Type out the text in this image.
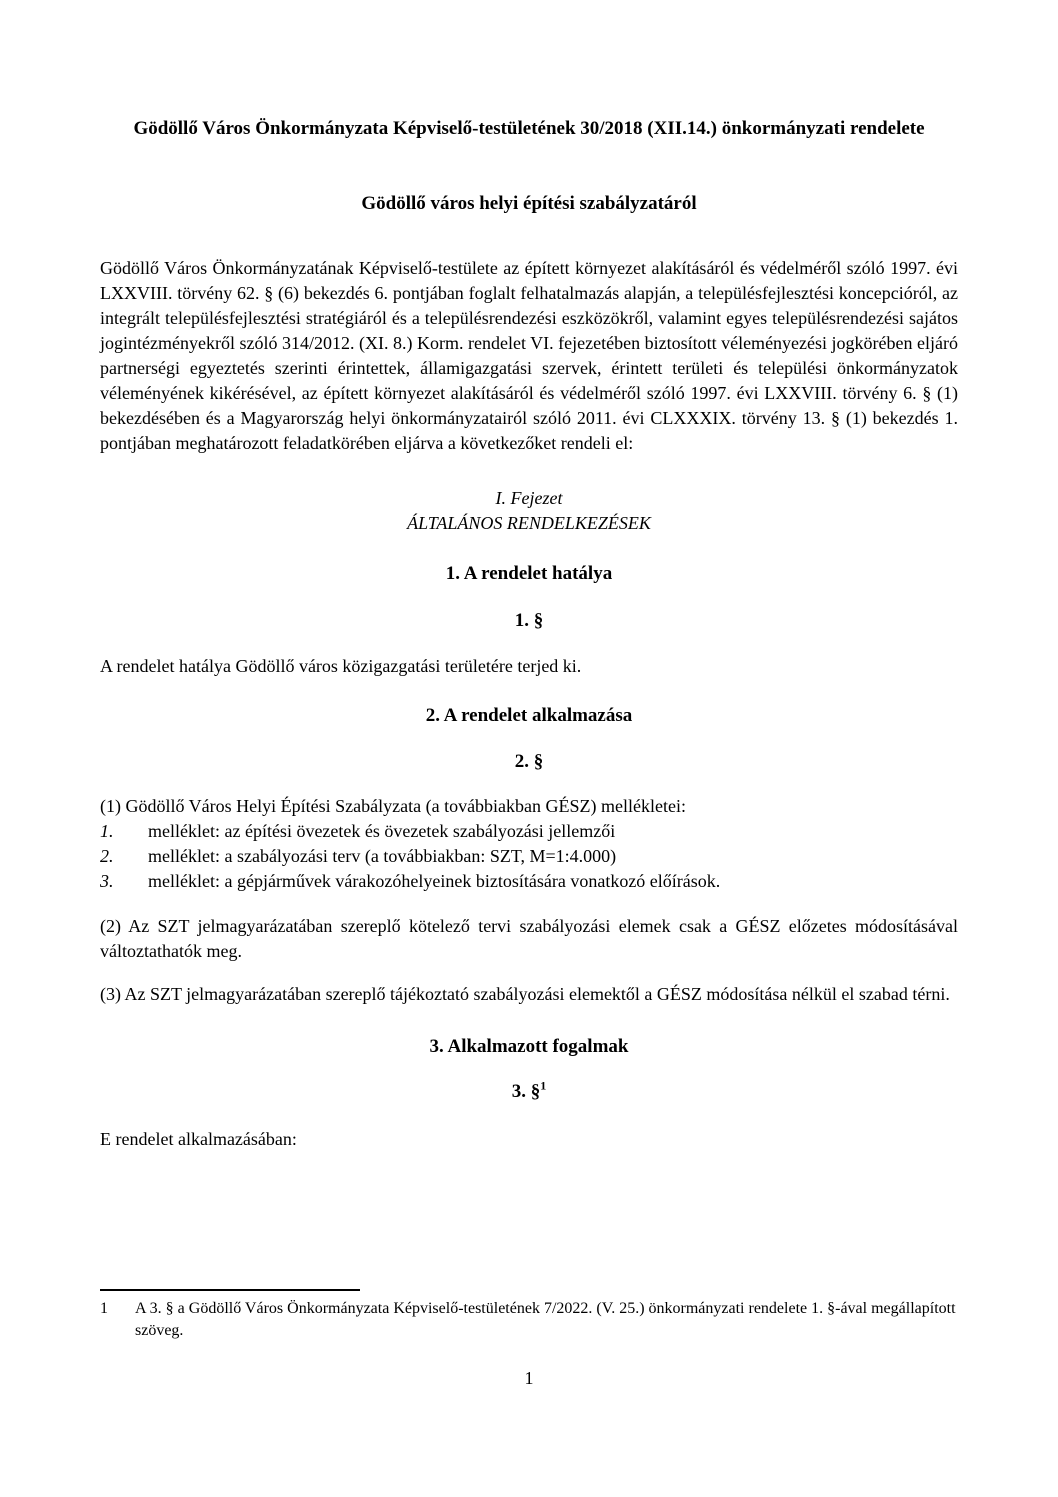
Gödöllő Város Önkormányzata Képviselő-testületének 30/2018 (XII.14.) önkormányzati rendelete
Gödöllő város helyi építési szabályzatáról
Gödöllő Város Önkormányzatának Képviselő-testülete az épített környezet alakításáról és védelméről szóló 1997. évi LXXVIII. törvény 62. § (6) bekezdés 6. pontjában foglalt felhatalmazás alapján, a településfejlesztési koncepcióról, az integrált településfejlesztési stratégiáról és a településrendezési eszközökről, valamint egyes településrendezési sajátos jogintézményekről szóló 314/2012. (XI. 8.) Korm. rendelet VI. fejezetében biztosított véleményezési jogkörében eljáró partnerségi egyeztetés szerinti érintettek, államigazgatási szervek, érintett területi és települési önkormányzatok véleményének kikérésével, az épített környezet alakításáról és védelméről szóló 1997. évi LXXVIII. törvény 6. § (1) bekezdésében és a Magyarország helyi önkormányzatairól szóló 2011. évi CLXXXIX. törvény 13. § (1) bekezdés 1. pontjában meghatározott feladatkörében eljárva a következőket rendeli el:
I. Fejezet
ÁLTALÁNOS RENDELKEZÉSEK
1. A rendelet hatálya
1. §
A rendelet hatálya Gödöllő város közigazgatási területére terjed ki.
2. A rendelet alkalmazása
2. §
(1) Gödöllő Város Helyi Építési Szabályzata (a továbbiakban GÉSZ) mellékletei:
1.	melléklet: az építési övezetek és övezetek szabályozási jellemzői
2.	melléklet: a szabályozási terv (a továbbiakban: SZT, M=1:4.000)
3.	melléklet: a gépjárművek várakozóhelyeinek biztosítására vonatkozó előírások.
(2) Az SZT jelmagyarázatában szereplő kötelező tervi szabályozási elemek csak a GÉSZ előzetes módosításával változtathatók meg.
(3) Az SZT jelmagyarázatában szereplő tájékoztató szabályozási elemektől a GÉSZ módosítása nélkül el szabad térni.
3. Alkalmazott fogalmak
3. §$^1$
E rendelet alkalmazásában:
1	A 3. § a Gödöllő Város Önkormányzata Képviselő-testületének 7/2022. (V. 25.) önkormányzati rendelete 1. §-ával megállapított szöveg.
1
